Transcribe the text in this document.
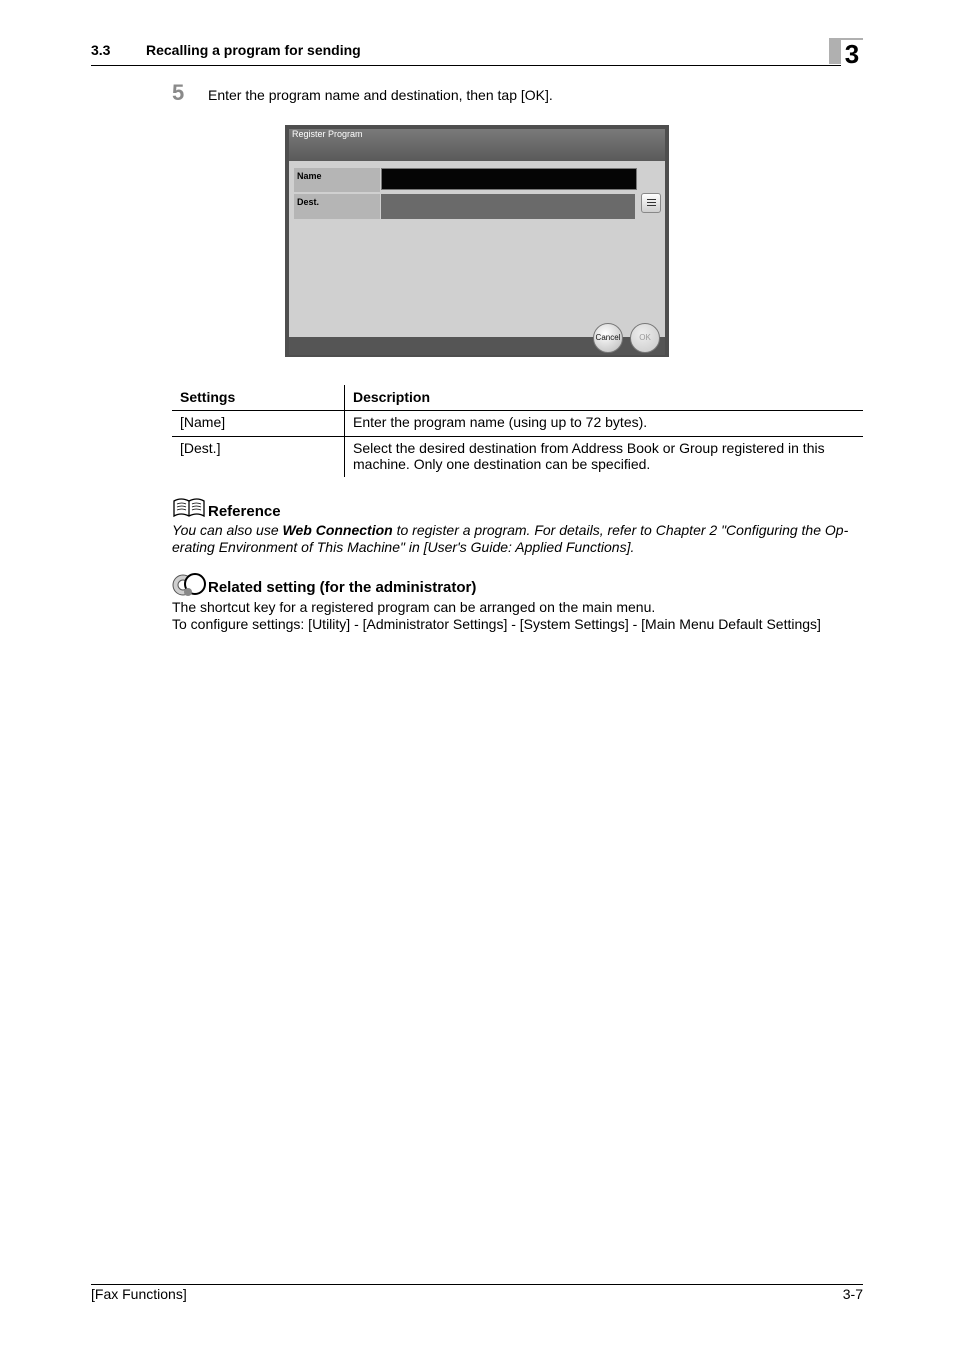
3.3	Recalling a program for sending	3
5 Enter the program name and destination, then tap [OK].
Register Program
Name
Dest.
Cancel	OK
Settings	Description
[Name]	Enter the program name (using up to 72 bytes).
[Dest.]	Select the desired destination from Address Book or Group registered in this
machine. Only one destination can be specified.
Reference
You can also use Web Connection to register a program. For details, refer to Chapter 2 "Configuring the Op-
erating Environment of This Machine" in [User's Guide: Applied Functions].
Related setting (for the administrator)
The shortcut key for a registered program can be arranged on the main menu.
To configure settings: [Utility] - [Administrator Settings] - [System Settings] - [Main Menu Default Settings]
[Fax Functions]	3-7
